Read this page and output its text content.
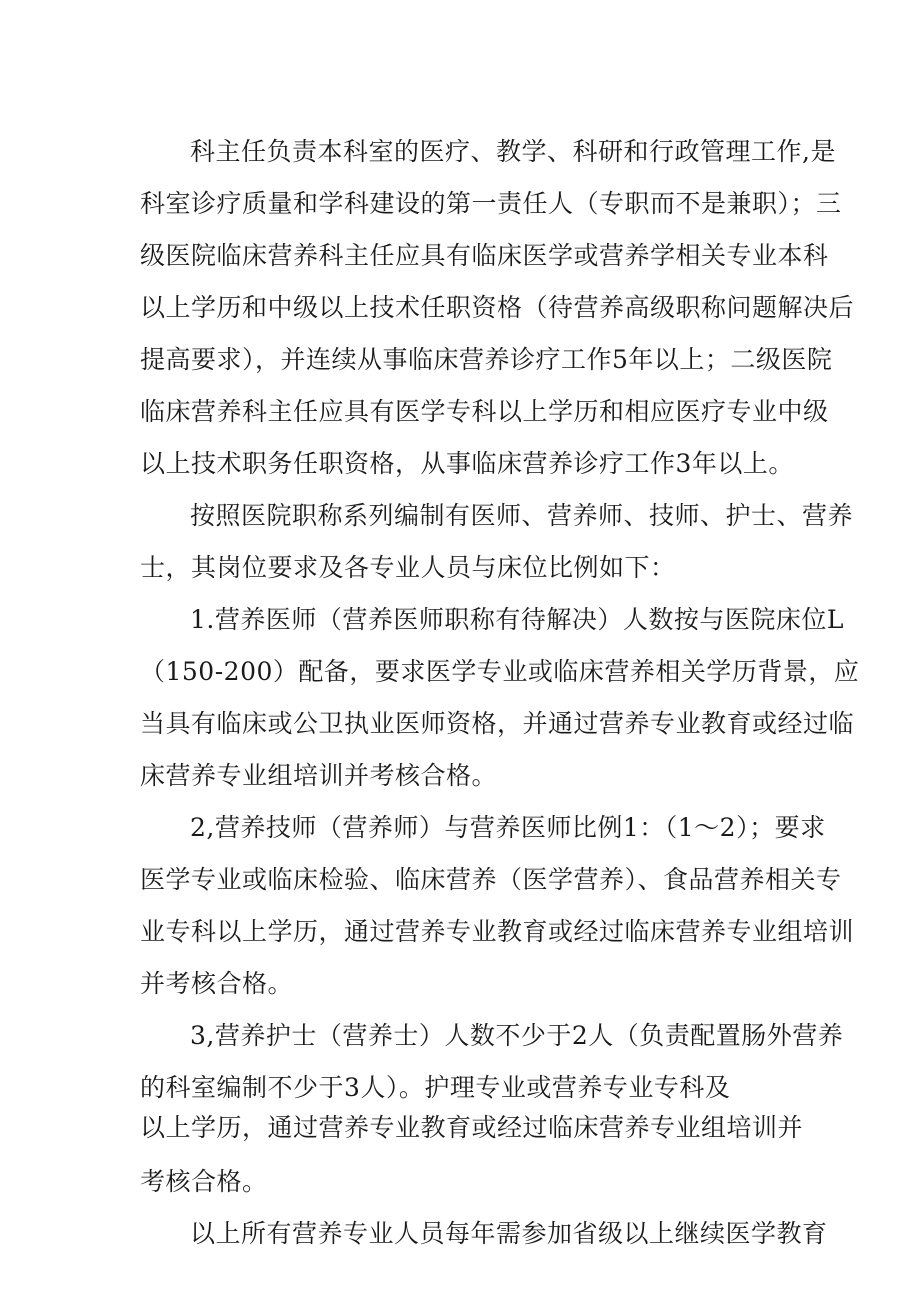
科主任负责本科室的医疗、教学、科研和行政管理工作,是
科室诊疗质量和学科建设的第一责任人（专职而不是兼职）；三
级医院临床营养科主任应具有临床医学或营养学相关专业本科
以上学历和中级以上技术任职资格（待营养高级职称问题解决后
提高要求），并连续从事临床营养诊疗工作5年以上；二级医院
临床营养科主任应具有医学专科以上学历和相应医疗专业中级
以上技术职务任职资格，从事临床营养诊疗工作3年以上。
按照医院职称系列编制有医师、营养师、技师、护士、营养
士，其岗位要求及各专业人员与床位比例如下：
1.营养医师（营养医师职称有待解决）人数按与医院床位L
（150-200）配备，要求医学专业或临床营养相关学历背景，应
当具有临床或公卫执业医师资格，并通过营养专业教育或经过临
床营养专业组培训并考核合格。
2,营养技师（营养师）与营养医师比例1：（1～2）；要求
医学专业或临床检验、临床营养（医学营养）、食品营养相关专
业专科以上学历，通过营养专业教育或经过临床营养专业组培训
并考核合格。
3,营养护士（营养士）人数不少于2人（负责配置肠外营养
的科室编制不少于3人）。护理专业或营养专业专科及
以上学历，通过营养专业教育或经过临床营养专业组培训并
考核合格。
以上所有营养专业人员每年需参加省级以上继续医学教育
